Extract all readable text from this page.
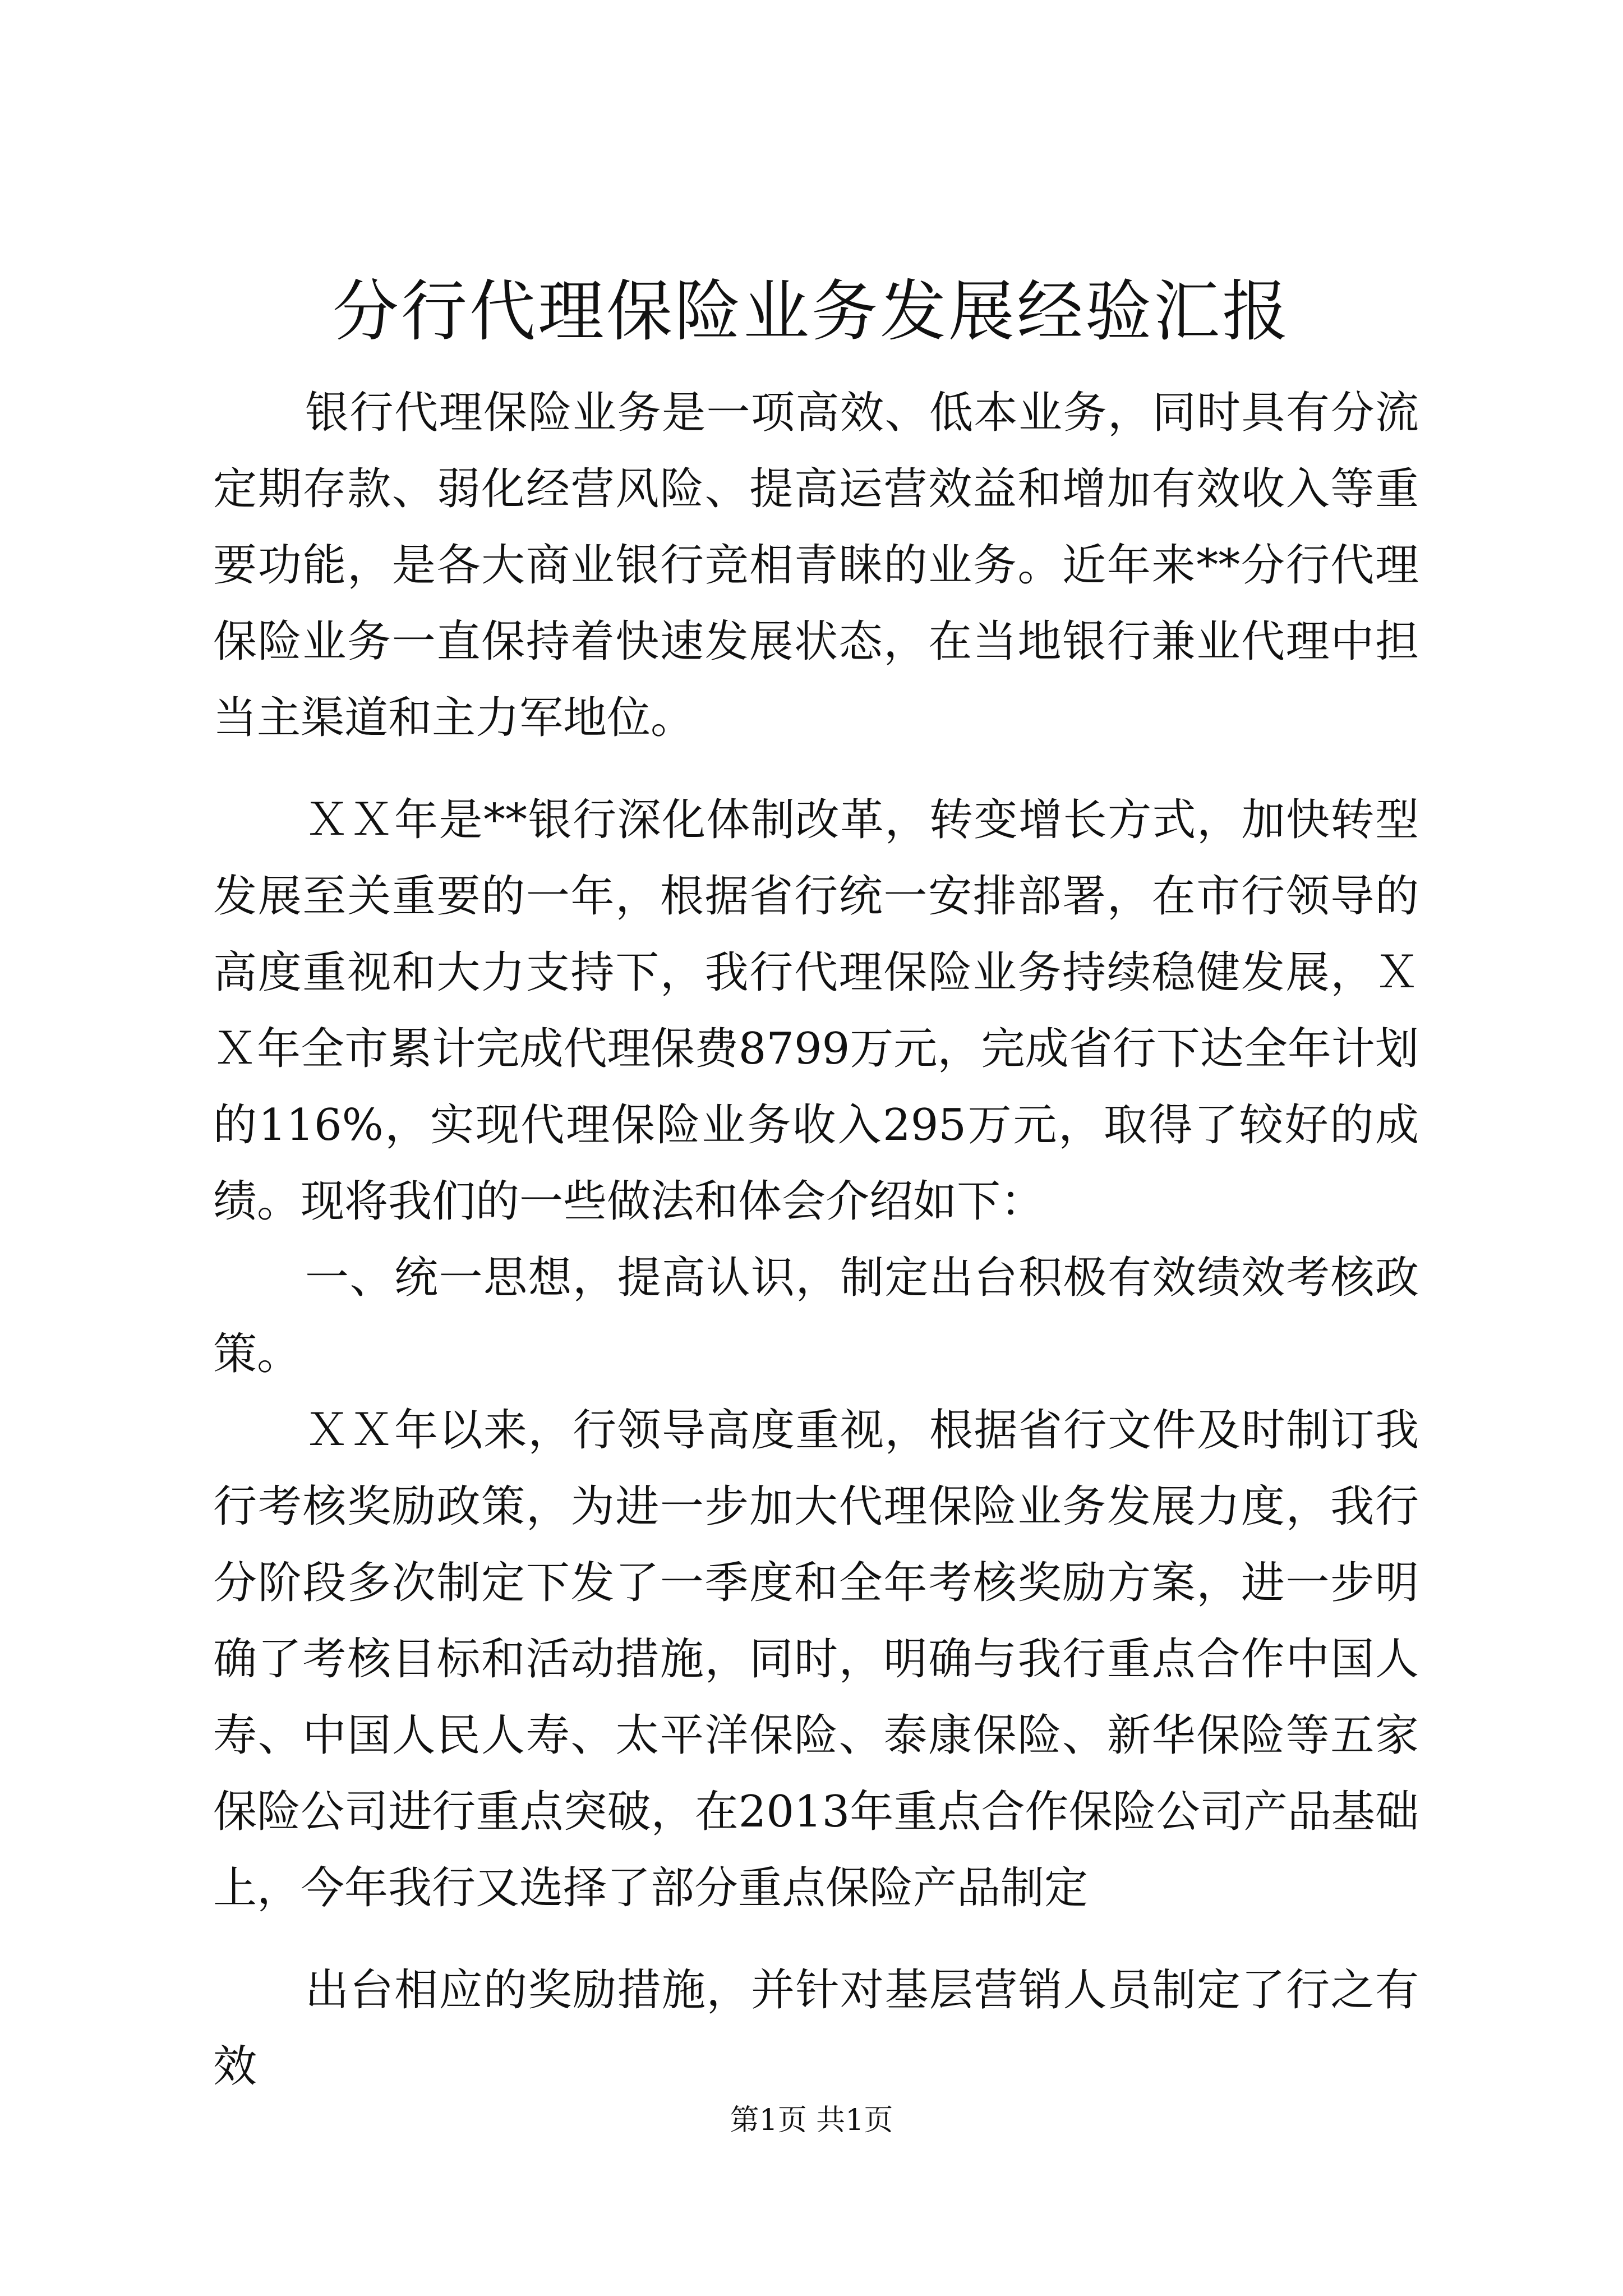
分行代理保险业务发展经验汇报

银行代理保险业务是一项高效、低本业务，同时具有分流定期存款、弱化经营风险、提高运营效益和增加有效收入等重要功能，是各大商业银行竞相青睐的业务。近年来**分行代理保险业务一直保持着快速发展状态，在当地银行兼业代理中担当主渠道和主力军地位。

ＸＸ年是**银行深化体制改革，转变增长方式，加快转型发展至关重要的一年，根据省行统一安排部署，在市行领导的高度重视和大力支持下，我行代理保险业务持续稳健发展，ＸＸ年全市累计完成代理保费8799万元，完成省行下达全年计划的116%，实现代理保险业务收入295万元，取得了较好的成绩。现将我们的一些做法和体会介绍如下：

一、统一思想，提高认识，制定出台积极有效绩效考核政策。

ＸＸ年以来，行领导高度重视，根据省行文件及时制订我行考核奖励政策，为进一步加大代理保险业务发展力度，我行分阶段多次制定下发了一季度和全年考核奖励方案，进一步明确了考核目标和活动措施，同时，明确与我行重点合作中国人寿、中国人民人寿、太平洋保险、泰康保险、新华保险等五家保险公司进行重点突破，在2013年重点合作保险公司产品基础上，今年我行又选择了部分重点保险产品制定

出台相应的奖励措施，并针对基层营销人员制定了行之有效

第1页 共1页
